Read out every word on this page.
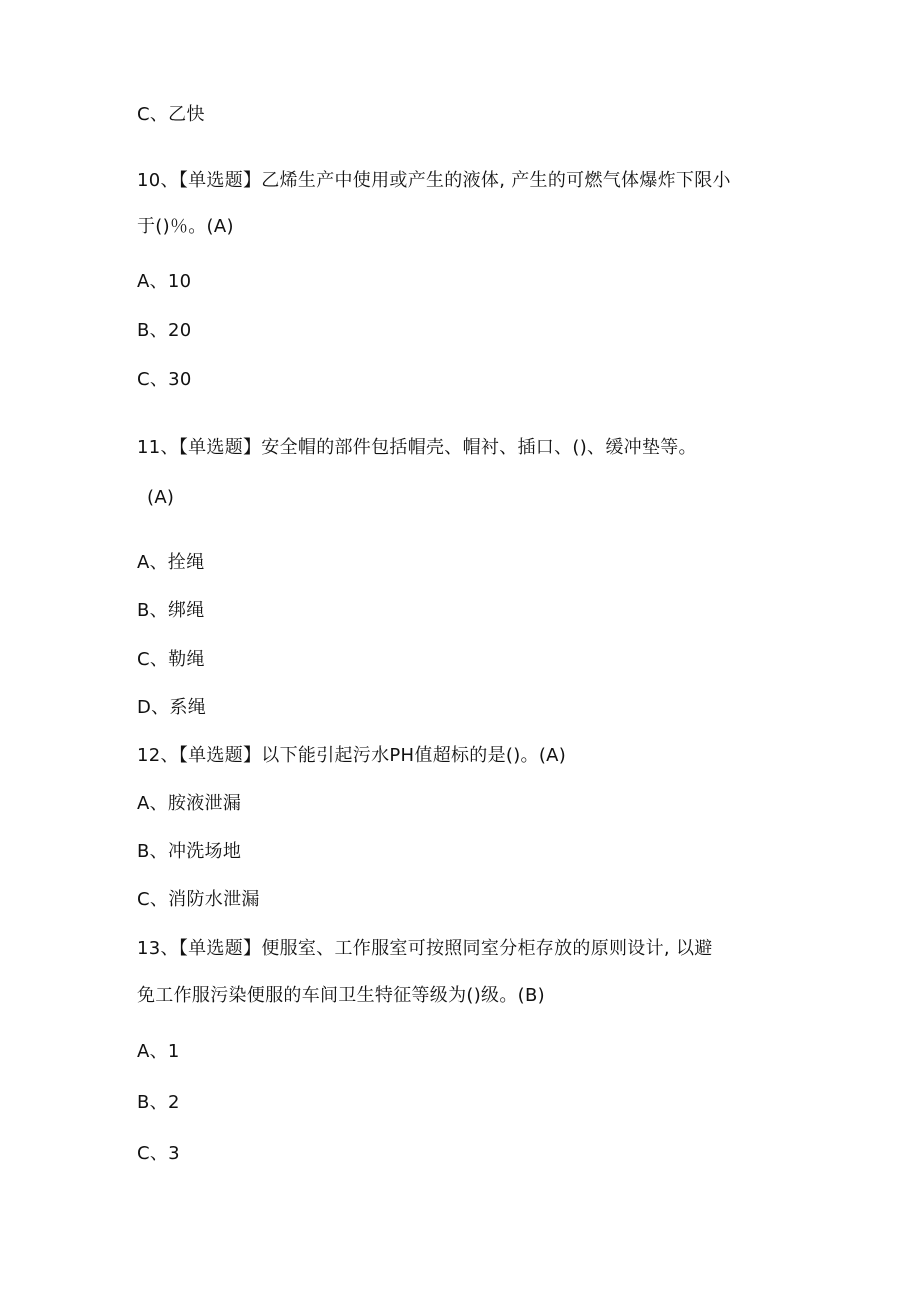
C、乙快
10、【单选题】乙烯生产中使用或产生的液体, 产生的可燃气体爆炸下限小
于()％。(A)
A、10
B、20
C、30
11、【单选题】安全帽的部件包括帽壳、帽衬、插口、()、缓冲垫等。
(A)
A、拴绳
B、绑绳
C、勒绳
D、系绳
12、【单选题】以下能引起污水PH值超标的是()。(A)
A、胺液泄漏
B、冲洗场地
C、消防水泄漏
13、【单选题】便服室、工作服室可按照同室分柜存放的原则设计, 以避
免工作服污染便服的车间卫生特征等级为()级。(B)
A、1
B、2
C、3
